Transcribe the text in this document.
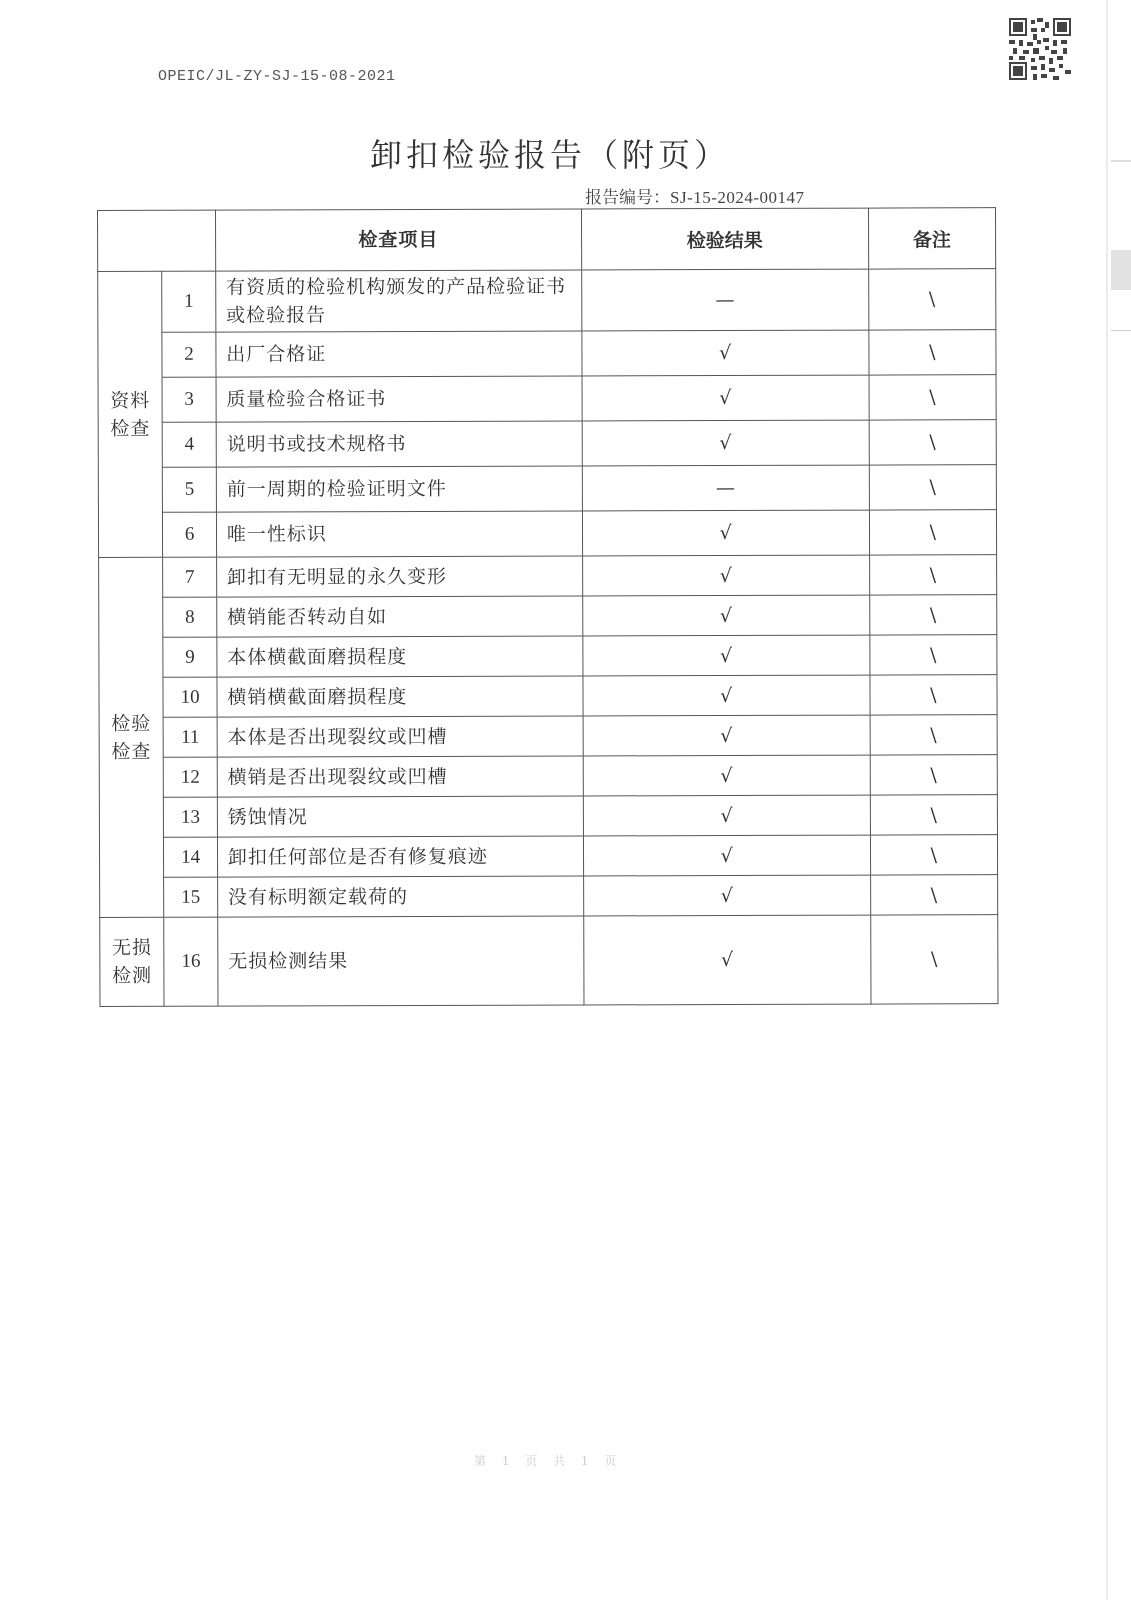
OPEIC/JL-ZY-SJ-15-08-2021
卸扣检验报告（附页）
报告编号：SJ-15-2024-00147
		检查项目	检验结果	备注
资料
检查	1	有资质的检验机构颁发的产品检验证书或检验报告	—	\
	2	出厂合格证	√	\
	3	质量检验合格证书	√	\
	4	说明书或技术规格书	√	\
	5	前一周期的检验证明文件	—	\
	6	唯一性标识	√	\
检验
检查	7	卸扣有无明显的永久变形	√	\
	8	横销能否转动自如	√	\
	9	本体横截面磨损程度	√	\
	10	横销横截面磨损程度	√	\
	11	本体是否出现裂纹或凹槽	√	\
	12	横销是否出现裂纹或凹槽	√	\
	13	锈蚀情况	√	\
	14	卸扣任何部位是否有修复痕迹	√	\
	15	没有标明额定载荷的	√	\
无损
检测	16	无损检测结果	√	\
第 1 页 共 1 页
